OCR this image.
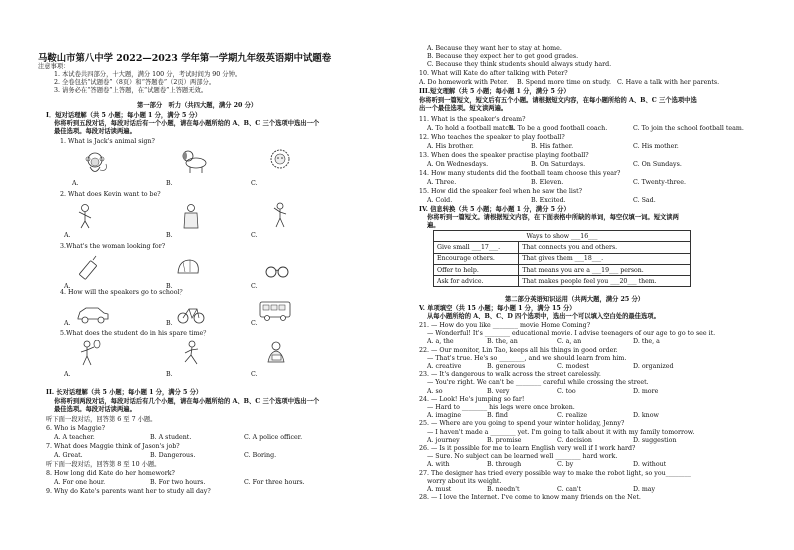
马鞍山市第八中学 2022—2023 学年第一学期九年级英语期中试题卷
注意事项：
1. 本试卷共四部分，十大题，满分 100 分，考试时间为 90 分钟。
2. 全卷包括“试题卷”（8页）和“答题卷”（2页）两部分。
3. 请务必在“答题卷”上答题，在“试题卷”上答题无效。
第一部分　听力（共四大题，满分 20 分）
I．短对话理解（共 5 小题；每小题 1 分，满分 5 分）
你将听到五段对话，每段对话后有一个小题，请在每小题所给的 A、B、C 三个选项中选出一个
最佳选项。每段对话读两遍。
1. What is Jack's animal sign?
A.	B.	C.
2. What does Kevin want to be?
A.	B.	C.
3.What's the woman looking for?
A.	B.	C.
4. How will the speakers go to school？
A.	B.	C.
5.What does the student do in his spare time？
A.	B.	C.
II. 长对话理解（共 5 小题；每小题 1 分，满分 5 分）
你将听到两段对话，每段对话后有几个小题，请在每小题所给的 A、B、C 三个选项中选出一个
最佳选项。每段对话读两遍。
听下面一段对话，回答第 6 至 7 小题。
6. Who is Maggie?
A. A teacher.	B. A student.	C. A police officer.
7. What does Maggie think of Jason's job?
A. Great.	B. Dangerous.	C. Boring.
听下面一段对话，回答第 8 至 10 小题。
8. How long did Kate do her homework?
A. For one hour.	B. For two hours.	C. For three hours.
9. Why do Kate's parents want her to study all day?
A. Because they want her to stay at home.
B. Because they expect her to get good grades.
C. Because they think students should always study hard.
10. What will Kate do after talking with Peter?
A. Do homework with Peter. B. Spend more time on study. C. Have a talk with her parents.
III.短文理解（共 5 小题；每小题 1 分，满分 5 分）
你将听到一篇短文，短文后有五个小题。请根据短文内容，在每小题所给的 A、B、C 三个选项中选
出一个最佳选项。短文读两遍。
11. What is the speaker's dream?
A. To hold a football match.
B. To be a good football coach.	C. To join the school football team.
12. Who teaches the speaker to play football?
A. His brother.	B. His father.	C. His mother.
13. When does the speaker practise playing football?
A. On Wednesdays.	B. On Saturdays.	C. On Sundays.
14. How many students did the football team choose this year?
A. Three.	B. Eleven.	C. Twenty-three.
15. How did the speaker feel when he saw the list?
A. Cold.	B. Excited.	C. Sad.
IV. 信息转换（共 5 小题；每小题 1 分，满分 5 分）
你将听到一篇短文。请根据短文内容，在下面表格中所缺的单词，每空仅填一词。短文读两
遍。
Ways to show ___16___	
Give small ___17___.	That connects you and others.
Encourage others.	That gives them ___18___.
Offer to help.	That means you are a ___19___ person.
Ask for advice.	That makes people feel you ___20___ them.
第二部分英语知识运用（共两大题，满分 25 分）
V. 单项填空（共 15 小题；每小题 1 分，满分 15 分）
从每小题所给的 A、B、C、D 四个选项中，选出一个可以填入空白处的最佳选项。
21. — How do you like ________ movie Home Coming?
— Wonderful! It's ________ educational movie. I advise teenagers of our age to go to see it.
A. a, the	B. the, an	C. a, an	D. the, a
22. — Our monitor, Lin Tao, keeps all his things in good order.
— That's true. He's so ________, and we should learn from him.
A. creative	B. generous	C. modest	D. organized
23. — It's dangerous to walk across the street carelessly.
— You're right. We can't be ________ careful while crossing the street.
A. so	B. very	C. too	D. more
24. — Look! He's jumping so far!
— Hard to ________ his legs were once broken.
A. imagine	B. find	C. realize	D. know
25. — Where are you going to spend your winter holiday, Jenny?
— I haven't made a ________ yet. I'm going to talk about it with my family tomorrow.
A. journey	B. promise	C. decision	D. suggestion
26. — Is it possible for me to learn English very well if I work hard?
— Sure. No subject can be learned well ________ hard work.
A. with	B. through	C. by	D. without
27. The designer has tried every possible way to make the robot light, so you________
worry about its weight.
A. must	B. needn't	C. can't	D. may
28. — I love the Internet. I've come to know many friends on the Net.
